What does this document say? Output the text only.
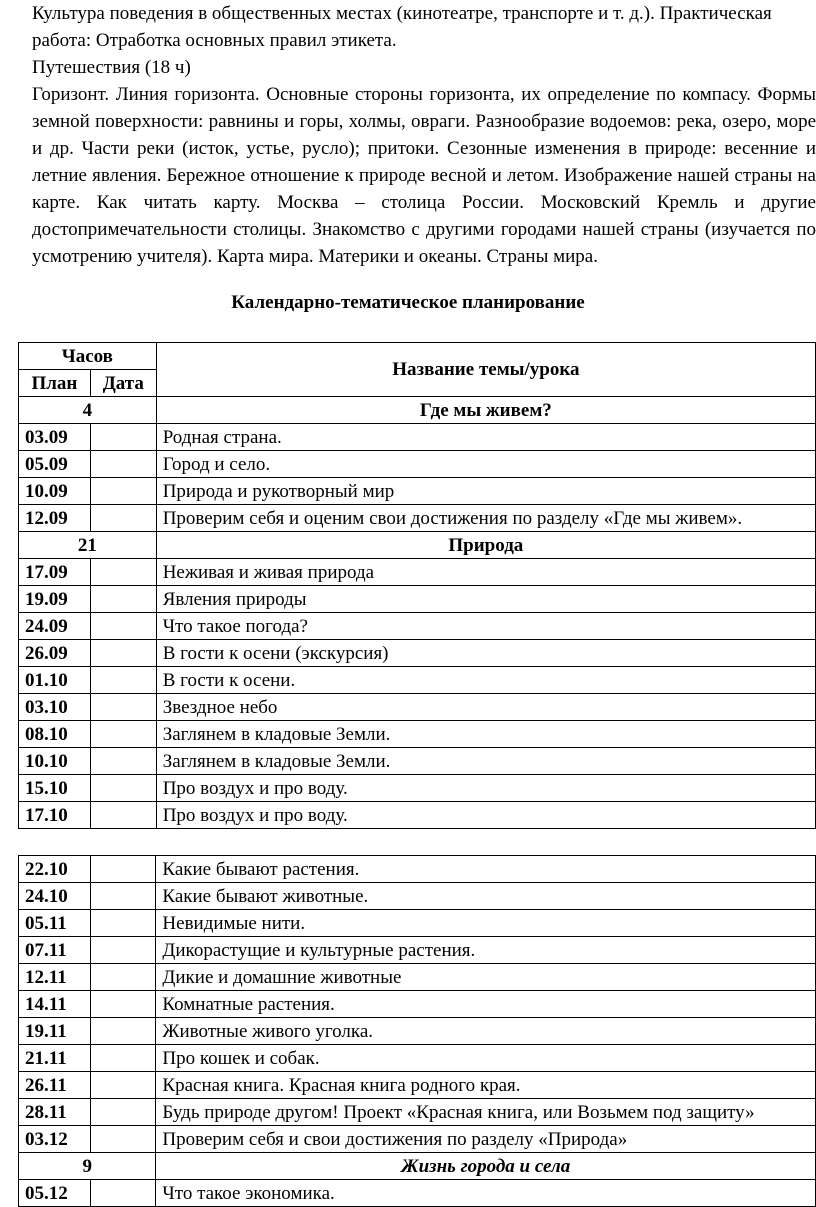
Культура поведения в общественных местах (кинотеатре, транспорте и т. д.). Практическая

работа: Отработка основных правил этикета.

Путешествия (18 ч)

Горизонт. Линия горизонта. Основные стороны горизонта, их определение по компасу. Формы земной поверхности: равнины и горы, холмы, овраги. Разнообразие водоемов: река, озеро, море и др. Части реки (исток, устье, русло); притоки. Сезонные изменения в природе: весенние и летние явления. Бережное отношение к природе весной и летом. Изображение нашей страны на карте. Как читать карту. Москва – столица России. Московский Кремль и другие достопримечательности столицы. Знакомство с другими городами нашей страны (изучается по усмотрению учителя). Карта мира. Материки и океаны. Страны мира.

Календарно-тематическое планирование
Часов		Название темы/урока
План	Дата	
4		Где мы живем?
03.09		Родная страна.
05.09		Город и село.
10.09		Природа и рукотворный мир
12.09		Проверим себя и оценим свои достижения по разделу «Где мы живем».
21		Природа
17.09		Неживая и живая природа
19.09		Явления природы
24.09		Что такое погода?
26.09		В гости к осени (экскурсия)
01.10		В гости к осени.
03.10		Звездное небо
08.10		Заглянем в кладовые Земли.
10.10		Заглянем в кладовые Земли.
15.10		Про воздух и про воду.
17.10		Про воздух и про воду.
22.10		Какие бывают растения.
24.10		Какие бывают животные.
05.11		Невидимые нити.
07.11		Дикорастущие и культурные растения.
12.11		Дикие и домашние животные
14.11		Комнатные растения.
19.11		Животные живого уголка.
21.11		Про кошек и собак.
26.11		Красная книга. Красная книга родного края.
28.11		Будь природе другом! Проект «Красная книга, или Возьмем под защиту»
03.12		Проверим себя и свои достижения по разделу «Природа»
9		Жизнь города и села
05.12		Что такое экономика.
